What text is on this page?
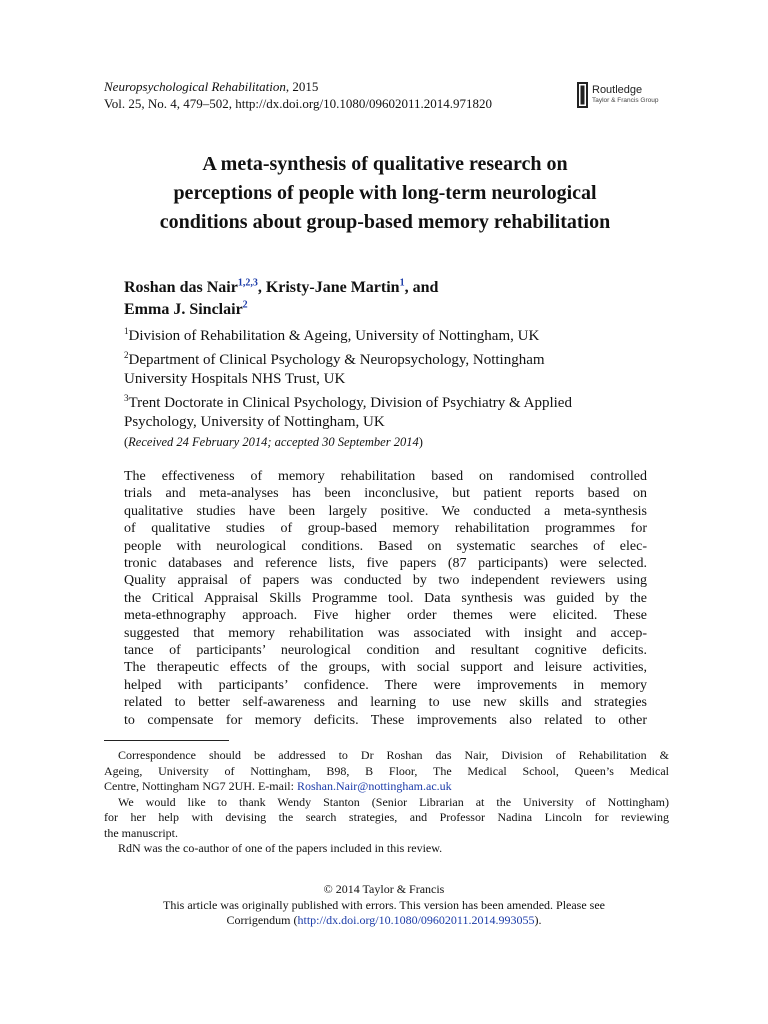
Neuropsychological Rehabilitation, 2015
Vol. 25, No. 4, 479–502, http://dx.doi.org/10.1080/09602011.2014.971820
Routledge
Taylor & Francis Group
A meta-synthesis of qualitative research on
perceptions of people with long-term neurological
conditions about group-based memory rehabilitation
Roshan das Nair$^{1,2,3}$, Kristy-Jane Martin$^1$, and
Emma J. Sinclair$^2$
$^1$Division of Rehabilitation & Ageing, University of Nottingham, UK
$^2$Department of Clinical Psychology & Neuropsychology, Nottingham
University Hospitals NHS Trust, UK
$^3$Trent Doctorate in Clinical Psychology, Division of Psychiatry & Applied
Psychology, University of Nottingham, UK
(Received 24 February 2014; accepted 30 September 2014)
The effectiveness of memory rehabilitation based on randomised controlled
trials and meta-analyses has been inconclusive, but patient reports based on
qualitative studies have been largely positive. We conducted a meta-synthesis
of qualitative studies of group-based memory rehabilitation programmes for
people with neurological conditions. Based on systematic searches of elec-
tronic databases and reference lists, five papers (87 participants) were selected.
Quality appraisal of papers was conducted by two independent reviewers using
the Critical Appraisal Skills Programme tool. Data synthesis was guided by the
meta-ethnography approach. Five higher order themes were elicited. These
suggested that memory rehabilitation was associated with insight and accep-
tance of participants’ neurological condition and resultant cognitive deficits.
The therapeutic effects of the groups, with social support and leisure activities,
helped with participants’ confidence. There were improvements in memory
related to better self-awareness and learning to use new skills and strategies
to compensate for memory deficits. These improvements also related to other
Correspondence should be addressed to Dr Roshan das Nair, Division of Rehabilitation &
Ageing, University of Nottingham, B98, B Floor, The Medical School, Queen’s Medical
Centre, Nottingham NG7 2UH. E-mail: Roshan.Nair@nottingham.ac.uk
We would like to thank Wendy Stanton (Senior Librarian at the University of Nottingham)
for her help with devising the search strategies, and Professor Nadina Lincoln for reviewing
the manuscript.
RdN was the co-author of one of the papers included in this review.
© 2014 Taylor & Francis
This article was originally published with errors. This version has been amended. Please see
Corrigendum (http://dx.doi.org/10.1080/09602011.2014.993055).
